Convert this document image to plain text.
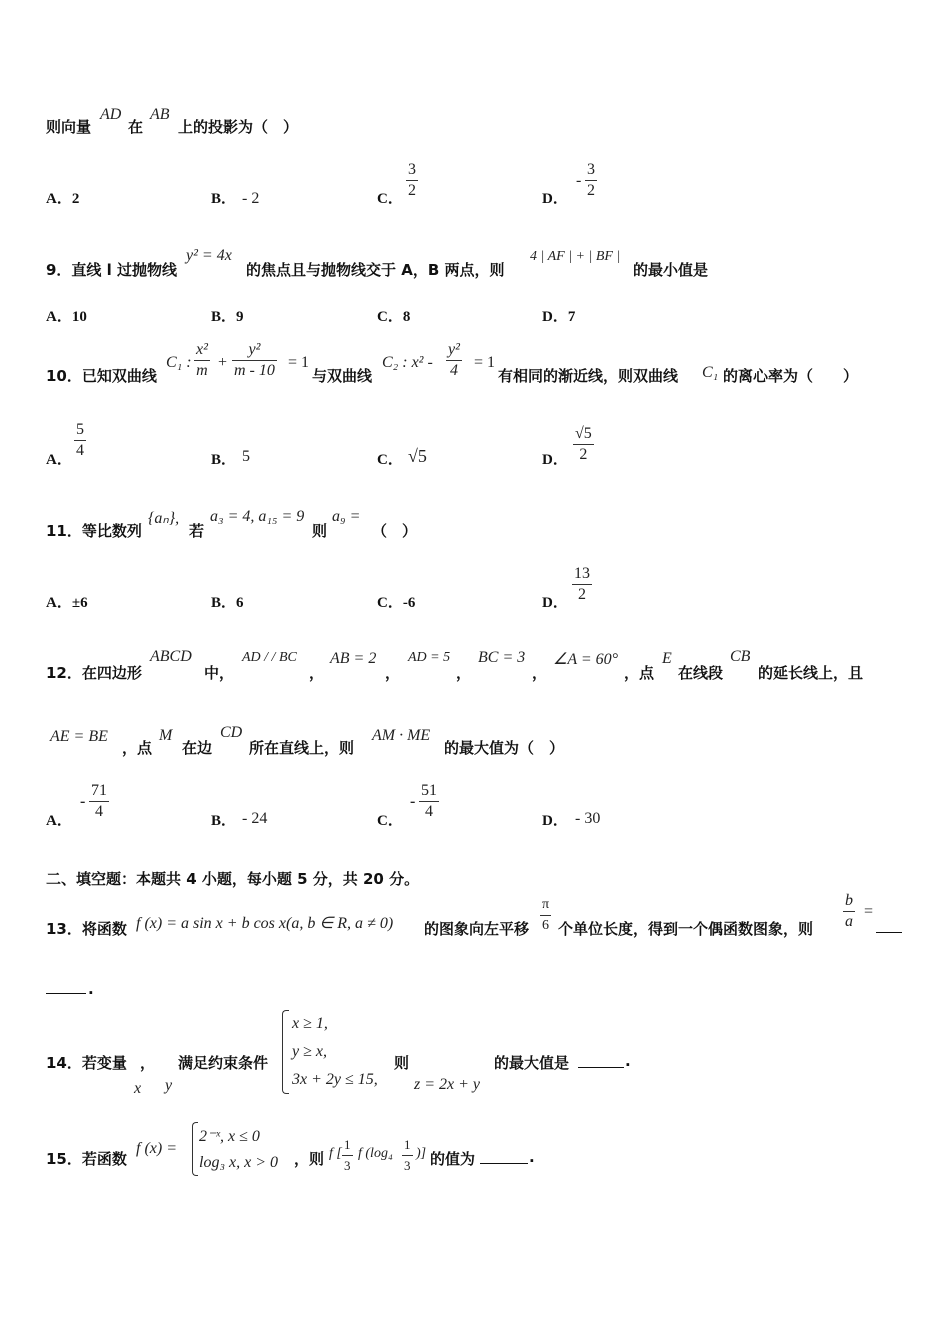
则向量
AD
在
AB
上的投影为（　）
A．2	B． - 2	C．
3
2	D．
-
3
2
9．直线 l 过抛物线
y² = 4x
的焦点且与抛物线交于 A，B 两点，则
4 | AF | + | BF |
的最小值是
A．10	B．9	C．8	D．7
10．已知双曲线
C₁ :
x²
m +
y²
m - 10 = 1
与双曲线
C₂ : x² -
y²
4 = 1
有相同的渐近线，则双曲线 C₁ 的离心率为（　　）
A．
5
4
B． 5	C． √5	D．
√5
2
11．等比数列
{aₙ},
若
a₃ = 4, a₁₅ = 9
则
a₉ =
（　）
A．±6	B．6	C．-6	D．
13
2
12．在四边形
ABCD
中，
AD / / BC
，
AB = 2
，
AD = 5
，
BC = 3
，
∠A = 60°
，点
E
在线段
CB
的延长线上，且
AE = BE
，点
M
在边
CD
所在直线上，则
AM · ME
的最大值为（　）
A．
-
71
4
B． - 24	C．
-
51
4
D． - 30
二、填空题：本题共 4 小题，每小题 5 分，共 20 分。
13．将函数 f (x) = a sin x + b cos x(a, b ∈ R, a ≠ 0) 的图象向左平移
π
6 个单位长度，得到一个偶函数图象，则
b
a
=
.
14．若变量 ，
x y
满足约束条件
x ≥ 1,
y ≥ x,
3x + 2y ≤ 15,
则
z = 2x + y
的最大值是	.
15．若函数
f (x) =
2⁻ˣ, x ≤ 0
log₃ x, x > 0 ，则 f [
1
3
f (log₄
1
3
)] 的值为	.
